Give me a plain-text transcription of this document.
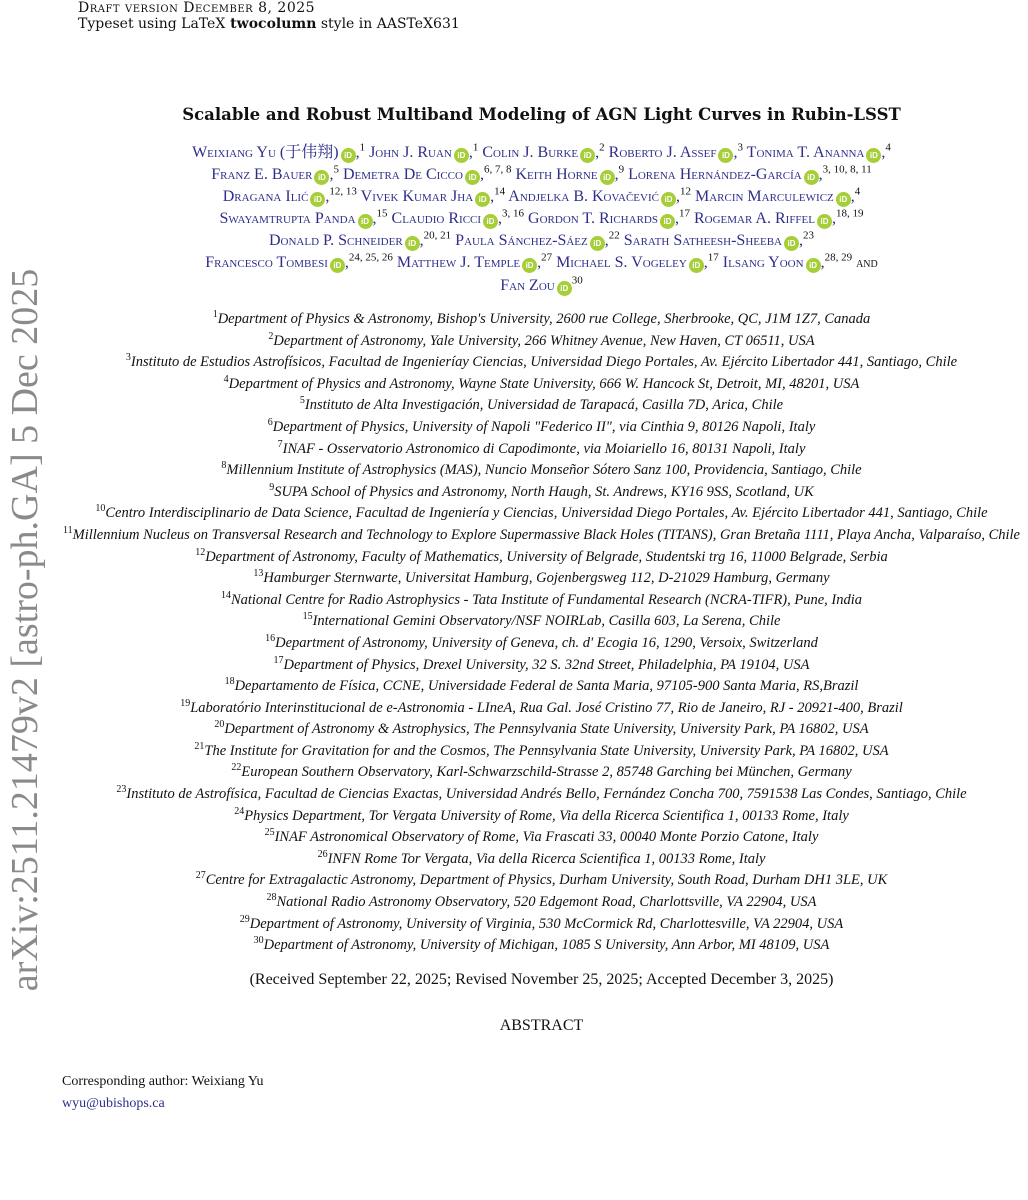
Draft version December 8, 2025
Typeset using LaTeX twocolumn style in AASTeX631
arXiv:2511.21479v2 [astro-ph.GA] 5 Dec 2025
Scalable and Robust Multiband Modeling of AGN Light Curves in Rubin-LSST
Weixiang Yu (于伟翔) iD ,$^1$ John J. Ruan iD ,$^1$ Colin J. Burke iD ,$^2$ Roberto J. Assef iD ,$^3$ Tonima T. Ananna iD ,$^4$
Franz E. Bauer iD ,$^5$ Demetra De Cicco iD ,$^{6, 7, 8}$ Keith Horne iD ,$^9$ Lorena Hernández-García iD ,$^{3, 10, 8, 11}$
Dragana Ilić iD ,$^{12, 13}$ Vivek Kumar Jha iD ,$^{14}$ Andjelka B. Kovačević iD ,$^{12}$ Marcin Marculewicz iD ,$^4$
Swayamtrupta Panda iD ,$^{15}$ Claudio Ricci iD ,$^{3, 16}$ Gordon T. Richards iD ,$^{17}$ Rogemar A. Riffel iD ,$^{18, 19}$
Donald P. Schneider iD ,$^{20, 21}$ Paula Sánchez-Sáez iD ,$^{22}$ Sarath Satheesh-Sheeba iD ,$^{23}$
Francesco Tombesi iD ,$^{24, 25, 26}$ Matthew J. Temple iD ,$^{27}$ Michael S. Vogeley iD ,$^{17}$ Ilsang Yoon iD ,$^{28, 29}$ and
Fan Zou $iD^{30}$
$^1$Department of Physics & Astronomy, Bishop's University, 2600 rue College, Sherbrooke, QC, J1M 1Z7, Canada
$^2$Department of Astronomy, Yale University, 266 Whitney Avenue, New Haven, CT 06511, USA
$^3$Instituto de Estudios Astrofísicos, Facultad de Ingenieríay Ciencias, Universidad Diego Portales, Av. Ejército Libertador 441, Santiago, Chile
$^4$Department of Physics and Astronomy, Wayne State University, 666 W. Hancock St, Detroit, MI, 48201, USA
$^5$Instituto de Alta Investigación, Universidad de Tarapacá, Casilla 7D, Arica, Chile
$^6$Department of Physics, University of Napoli "Federico II", via Cinthia 9, 80126 Napoli, Italy
$^7$INAF - Osservatorio Astronomico di Capodimonte, via Moiariello 16, 80131 Napoli, Italy
$^8$Millennium Institute of Astrophysics (MAS), Nuncio Monseñor Sótero Sanz 100, Providencia, Santiago, Chile
$^9$SUPA School of Physics and Astronomy, North Haugh, St. Andrews, KY16 9SS, Scotland, UK
$^{10}$Centro Interdisciplinario de Data Science, Facultad de Ingeniería y Ciencias, Universidad Diego Portales, Av. Ejército Libertador 441, Santiago, Chile
$^{11}$Millennium Nucleus on Transversal Research and Technology to Explore Supermassive Black Holes (TITANS), Gran Bretaña 1111, Playa Ancha, Valparaíso, Chile
$^{12}$Department of Astronomy, Faculty of Mathematics, University of Belgrade, Studentski trg 16, 11000 Belgrade, Serbia
$^{13}$Hamburger Sternwarte, Universitat Hamburg, Gojenbergsweg 112, D-21029 Hamburg, Germany
$^{14}$National Centre for Radio Astrophysics - Tata Institute of Fundamental Research (NCRA-TIFR), Pune, India
$^{15}$International Gemini Observatory/NSF NOIRLab, Casilla 603, La Serena, Chile
$^{16}$Department of Astronomy, University of Geneva, ch. d' Ecogia 16, 1290, Versoix, Switzerland
$^{17}$Department of Physics, Drexel University, 32 S. 32nd Street, Philadelphia, PA 19104, USA
$^{18}$Departamento de Física, CCNE, Universidade Federal de Santa Maria, 97105-900 Santa Maria, RS,Brazil
$^{19}$Laboratório Interinstitucional de e-Astronomia - LIneA, Rua Gal. José Cristino 77, Rio de Janeiro, RJ - 20921-400, Brazil
$^{20}$Department of Astronomy & Astrophysics, The Pennsylvania State University, University Park, PA 16802, USA
$^{21}$The Institute for Gravitation for and the Cosmos, The Pennsylvania State University, University Park, PA 16802, USA
$^{22}$European Southern Observatory, Karl-Schwarzschild-Strasse 2, 85748 Garching bei München, Germany
$^{23}$Instituto de Astrofísica, Facultad de Ciencias Exactas, Universidad Andrés Bello, Fernández Concha 700, 7591538 Las Condes, Santiago, Chile
$^{24}$Physics Department, Tor Vergata University of Rome, Via della Ricerca Scientifica 1, 00133 Rome, Italy
$^{25}$INAF Astronomical Observatory of Rome, Via Frascati 33, 00040 Monte Porzio Catone, Italy
$^{26}$INFN Rome Tor Vergata, Via della Ricerca Scientifica 1, 00133 Rome, Italy
$^{27}$Centre for Extragalactic Astronomy, Department of Physics, Durham University, South Road, Durham DH1 3LE, UK
$^{28}$National Radio Astronomy Observatory, 520 Edgemont Road, Charlottsville, VA 22904, USA
$^{29}$Department of Astronomy, University of Virginia, 530 McCormick Rd, Charlottesville, VA 22904, USA
$^{30}$Department of Astronomy, University of Michigan, 1085 S University, Ann Arbor, MI 48109, USA
(Received September 22, 2025; Revised November 25, 2025; Accepted December 3, 2025)
ABSTRACT
Corresponding author: Weixiang Yu
wyu@ubishops.ca
